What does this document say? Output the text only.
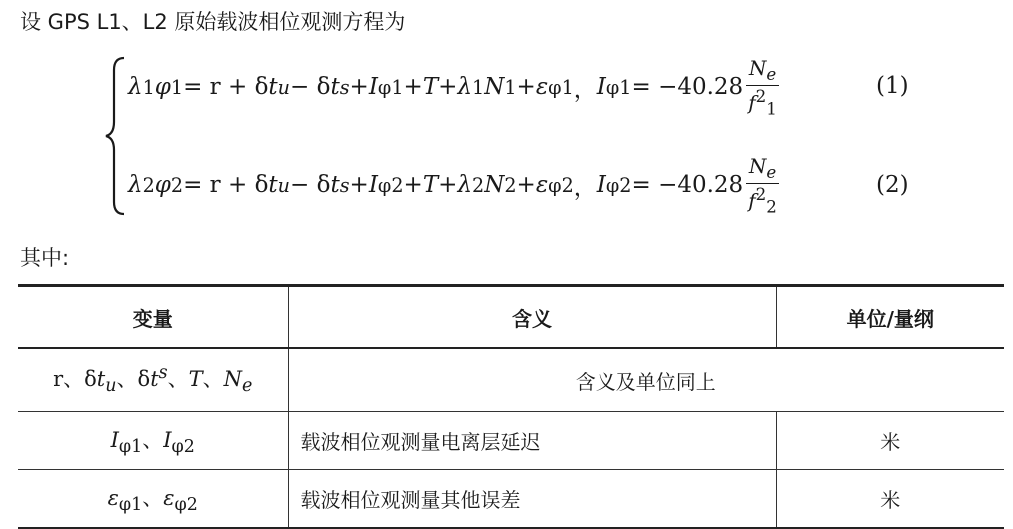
设 GPS L1、L2 原始载波相位观测方程为
λ 1 φ 1 = r + δ t u − δ t s + I φ1 + T + λ 1 N 1 + ε φ1 ， I $\varphi 1 = -40.28 \frac{N_e}{f^2_1}$	(1)
λ 2 φ 2 = r + δ t u − δ t s + I φ2 + T + λ 2 N 2 + ε φ2 ， I $\varphi 2 = -40.28 \frac{N_e}{f^2_2}$	(2)
其中:
变量	含义	单位/量纲
r、$\delta t_u$、$\delta t^s$、T、$N_e$	含义及单位同上	
$I_{\varphi 1}$、$I_{\varphi 2}$	载波相位观测量电离层延迟	米
$\varepsilon_{\varphi 1}$、$\varepsilon_{\varphi 2}$	载波相位观测量其他误差	米
